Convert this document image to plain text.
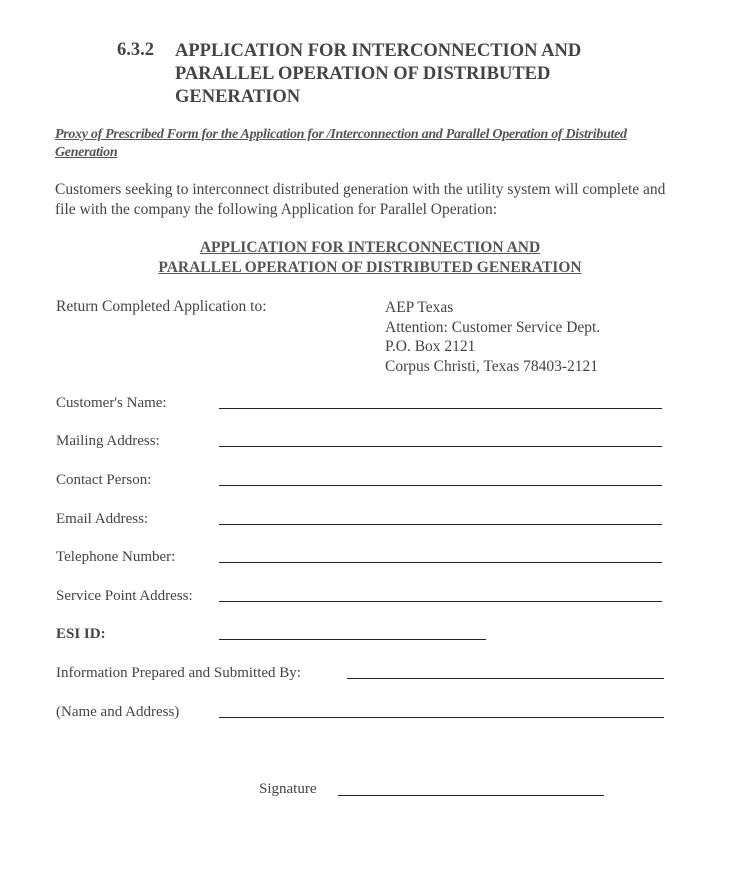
6.3.2 APPLICATION FOR INTERCONNECTION AND
PARALLEL OPERATION OF DISTRIBUTED
GENERATION
Proxy of Prescribed Form for the Application for /Interconnection and Parallel Operation of Distributed Generation
Customers seeking to interconnect distributed generation with the utility system will complete and file with the company the following Application for Parallel Operation:
APPLICATION FOR INTERCONNECTION AND
PARALLEL OPERATION OF DISTRIBUTED GENERATION
Return Completed Application to:	AEP Texas
Attention: Customer Service Dept.
P.O. Box 2121
Corpus Christi, Texas 78403-2121
Customer's Name:
Mailing Address:
Contact Person:
Email Address:
Telephone Number:
Service Point Address:
ESI ID:
Information Prepared and Submitted By:
(Name and Address)
Signature
